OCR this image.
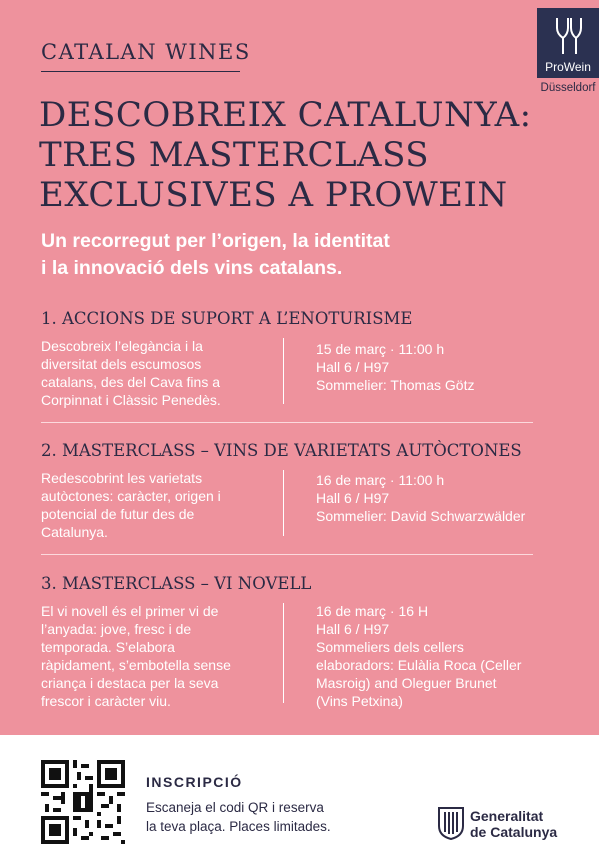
CATALAN WINES
ProWein
Düsseldorf
DESCOBREIX CATALUNYA:
TRES MASTERCLASS
EXCLUSIVES A PROWEIN
Un recorregut per l’origen, la identitat
i la innovació dels vins catalans.
1. ACCIONS DE SUPORT A L’ENOTURISME
Descobreix l’elegància i la
diversitat dels escumosos
catalans, des del Cava fins a
Corpinnat i Clàssic Penedès.
15 de març · 11:00 h
Hall 6 / H97
Sommelier: Thomas Götz
2. MASTERCLASS – VINS DE VARIETATS AUTÒCTONES
Redescobrint les varietats
autòctones: caràcter, origen i
potencial de futur des de
Catalunya.
16 de març · 11:00 h
Hall 6 / H97
Sommelier: David Schwarzwälder
3. MASTERCLASS – VI NOVELL
El vi novell és el primer vi de
l’anyada: jove, fresc i de
temporada. S’elabora
ràpidament, s’embotella sense
criança i destaca per la seva
frescor i caràcter viu.
16 de març · 16 H
Hall 6 / H97
Sommeliers dels cellers
elaboradors: Eulàlia Roca (Celler
Masroig) and Oleguer Brunet
(Vins Petxina)
INSCRIPCIÓ
Escaneja el codi QR i reserva
la teva plaça. Places limitades.
Generalitat
de Catalunya
